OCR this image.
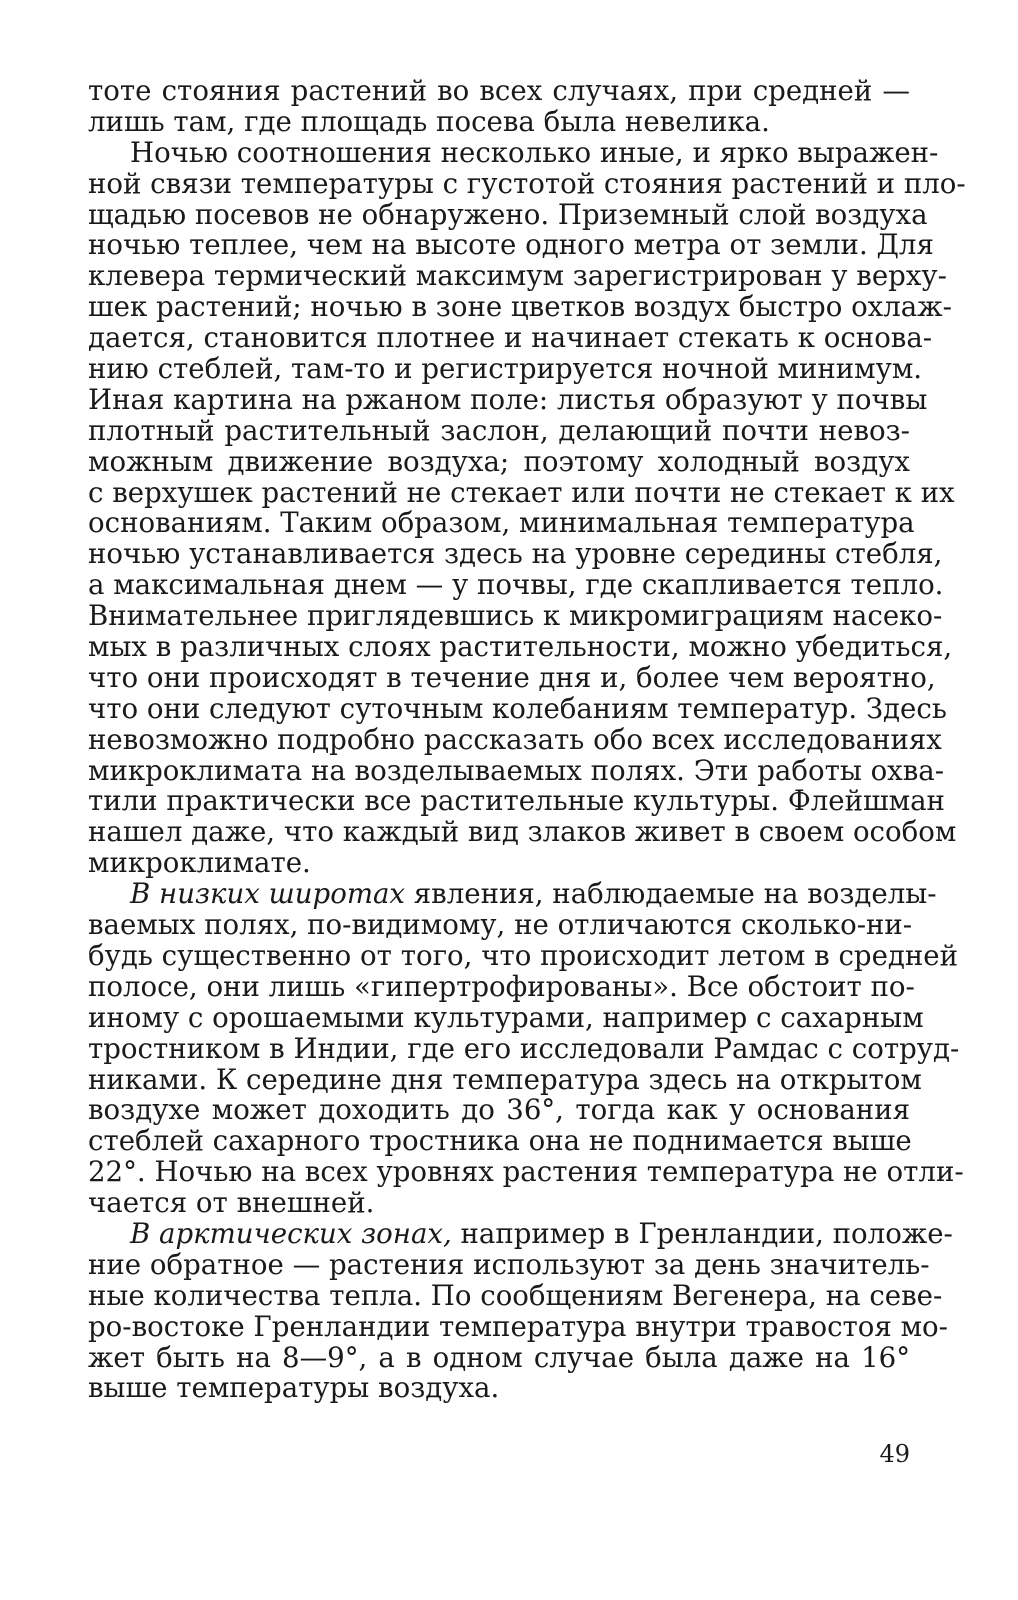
тоте стояния растений во всех случаях, при средней —
лишь там, где площадь посева была невелика.
Ночью соотношения несколько иные, и ярко выражен-
ной связи температуры с густотой стояния растений и пло-
щадью посевов не обнаружено. Приземный слой воздуха
ночью теплее, чем на высоте одного метра от земли. Для
клевера термический максимум зарегистрирован у верху-
шек растений; ночью в зоне цветков воздух быстро охлаж-
дается, становится плотнее и начинает стекать к основа-
нию стеблей, там-то и регистрируется ночной минимум.
Иная картина на ржаном поле: листья образуют у почвы
плотный растительный заслон, делающий почти невоз-
можным движение воздуха; поэтому холодный воздух
с верхушек растений не стекает или почти не стекает к их
основаниям. Таким образом, минимальная температура
ночью устанавливается здесь на уровне середины стебля,
а максимальная днем — у почвы, где скапливается тепло.
Внимательнее приглядевшись к микромиграциям насеко-
мых в различных слоях растительности, можно убедиться,
что они происходят в течение дня и, более чем вероятно,
что они следуют суточным колебаниям температур. Здесь
невозможно подробно рассказать обо всех исследованиях
микроклимата на возделываемых полях. Эти работы охва-
тили практически все растительные культуры. Флейшман
нашел даже, что каждый вид злаков живет в своем особом
микроклимате.
В низких широтах явления, наблюдаемые на возделы-
ваемых полях, по-видимому, не отличаются сколько-ни-
будь существенно от того, что происходит летом в средней
полосе, они лишь «гипертрофированы». Все обстоит по-
иному с орошаемыми культурами, например с сахарным
тростником в Индии, где его исследовали Рамдас с сотруд-
никами. К середине дня температура здесь на открытом
воздухе может доходить до 36°, тогда как у основания
стеблей сахарного тростника она не поднимается выше
22°. Ночью на всех уровнях растения температура не отли-
чается от внешней.
В арктических зонах, например в Гренландии, положе-
ние обратное — растения используют за день значитель-
ные количества тепла. По сообщениям Вегенера, на севе-
ро-востоке Гренландии температура внутри травостоя мо-
жет быть на 8—9°, а в одном случае была даже на 16°
выше температуры воздуха.
49
